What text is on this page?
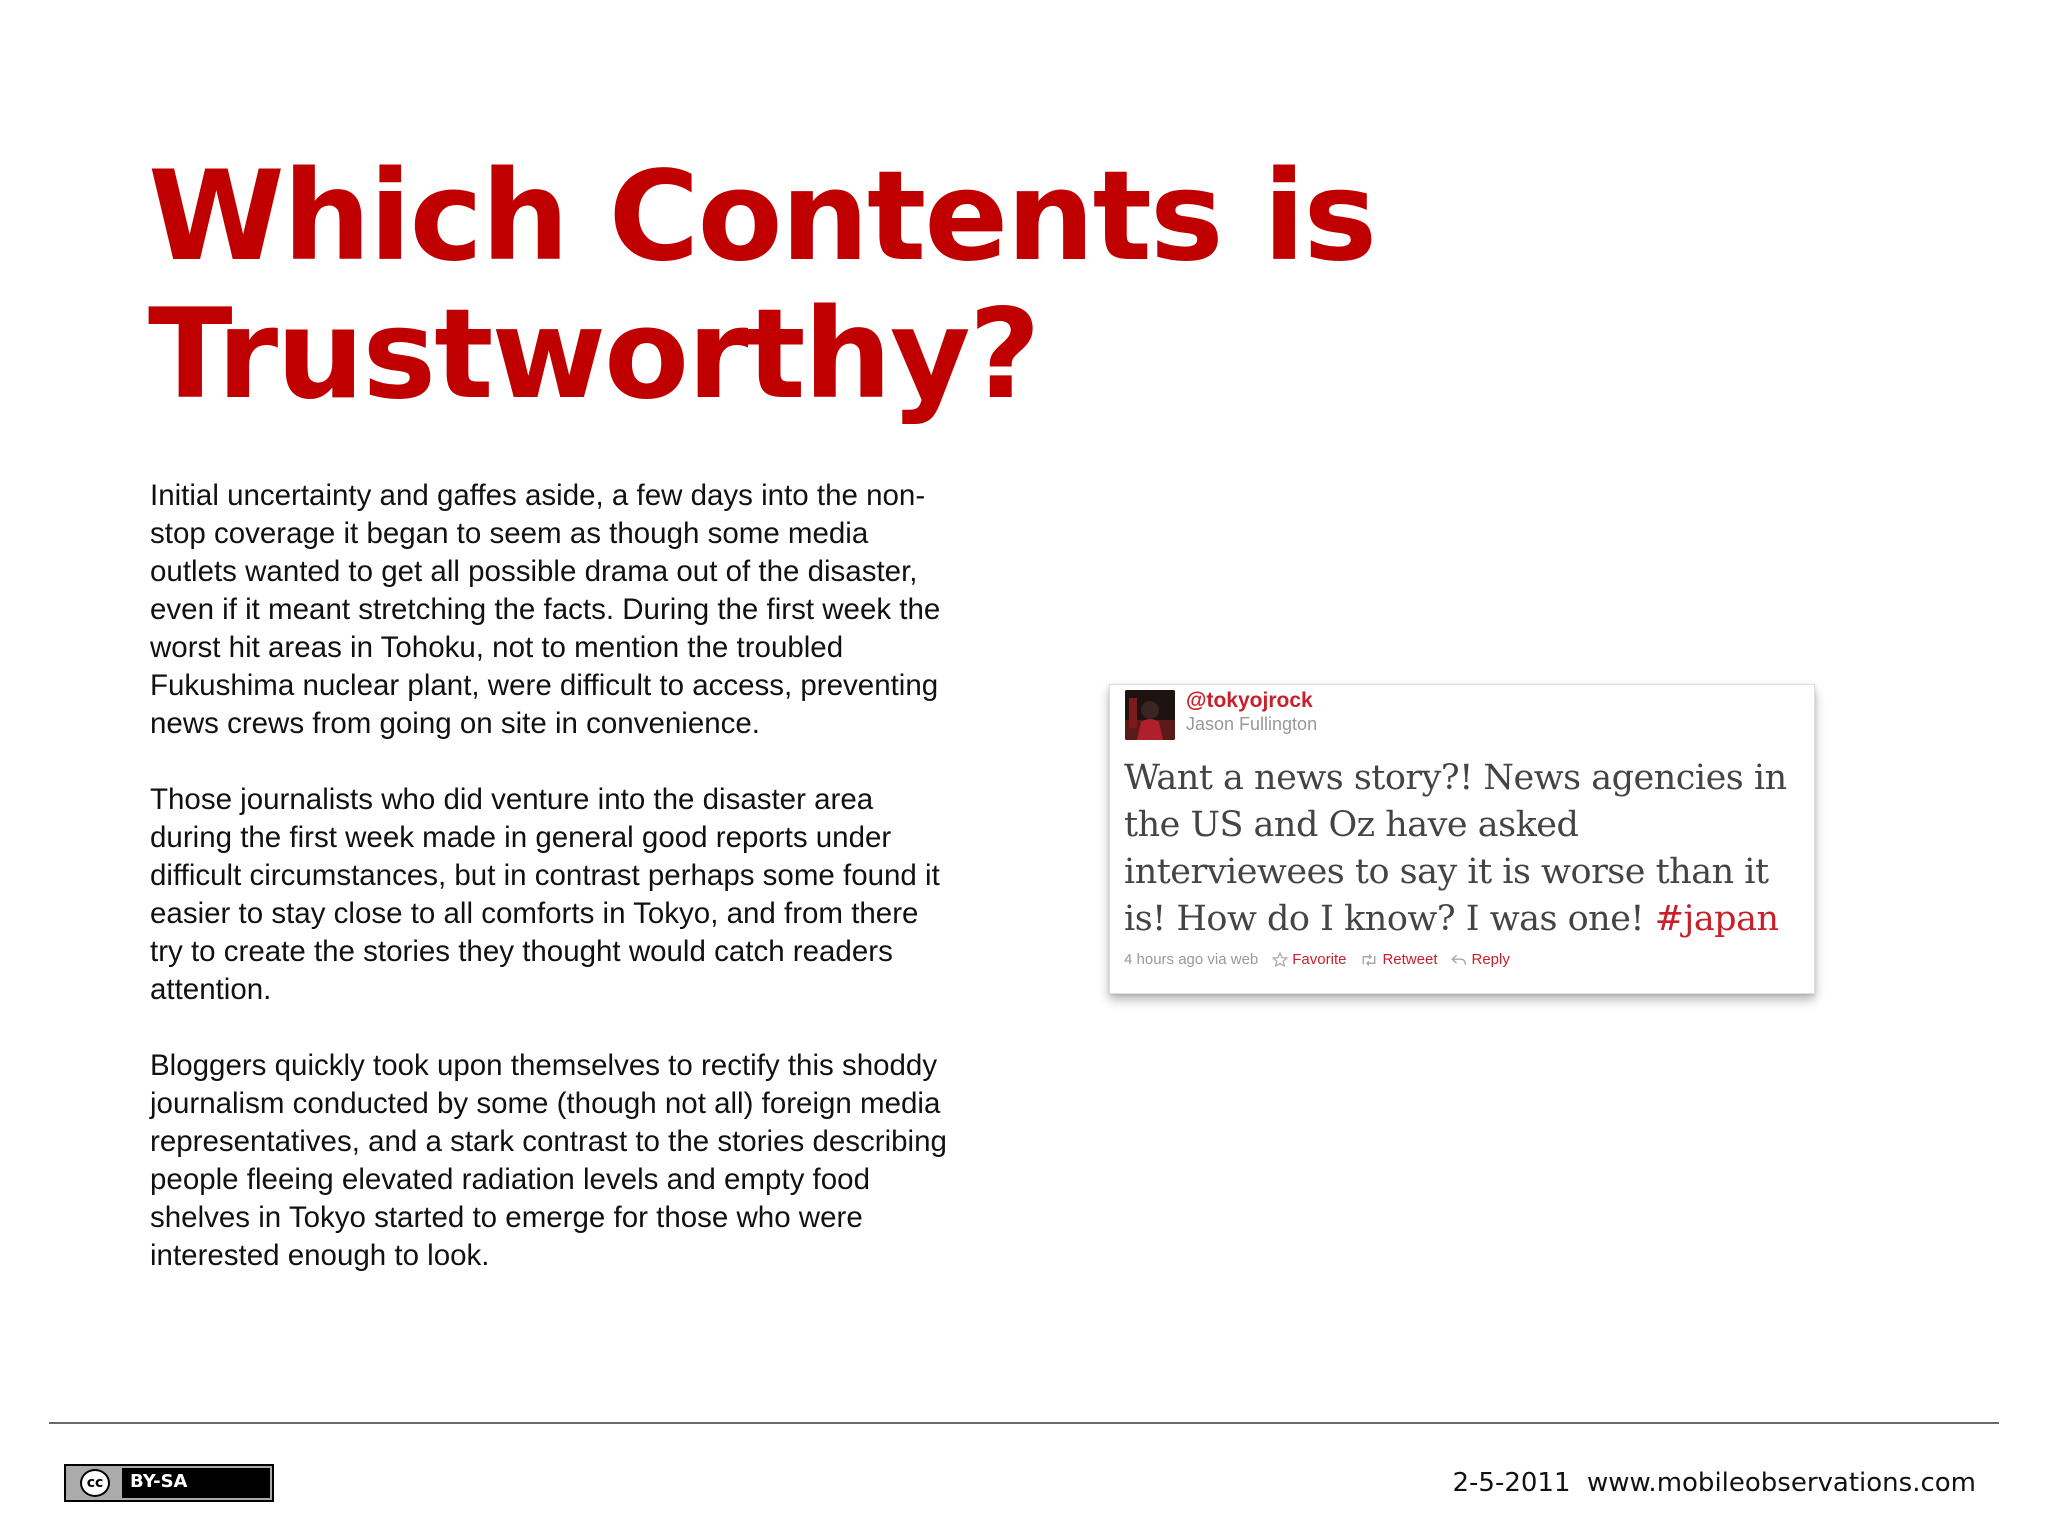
Which Contents is
Trustworthy?

Initial uncertainty and gaffes aside, a few days into the non-stop coverage it began to seem as though some media outlets wanted to get all possible drama out of the disaster, even if it meant stretching the facts. During the first week the worst hit areas in Tohoku, not to mention the troubled Fukushima nuclear plant, were difficult to access, preventing news crews from going on site in convenience.

Those journalists who did venture into the disaster area during the first week made in general good reports under difficult circumstances, but in contrast perhaps some found it easier to stay close to all comforts in Tokyo, and from there try to create the stories they thought would catch readers attention.

Bloggers quickly took upon themselves to rectify this shoddy journalism conducted by some (though not all) foreign media representatives, and a stark contrast to the stories describing people fleeing elevated radiation levels and empty food shelves in Tokyo started to emerge for those who were interested enough to look.

@tokyojrock
Jason Fullington

Want a news story?! News agencies in the US and Oz have asked interviewees to say it is worse than it is! How do I know? I was one! #japan

4 hours ago via web Favorite Retweet Reply
cc	BY-SA	2-5-2011  www.mobileobservations.com
